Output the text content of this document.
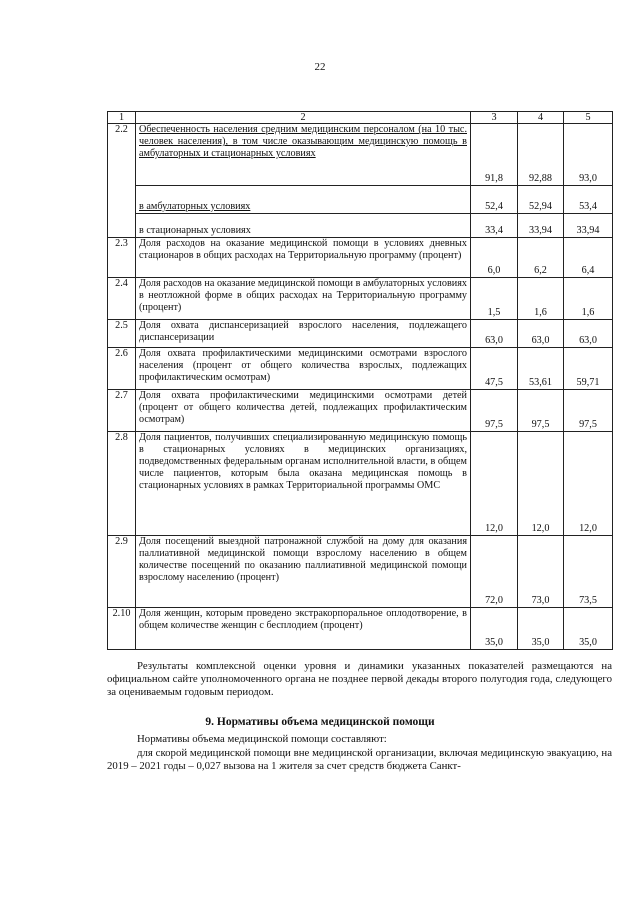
22
1	2	3	4	5
2.2	Обеспеченность населения средним медицинским персоналом (на 10 тыс. человек населения), в том числе оказывающим медицинскую помощь в амбулаторных и стационарных условиях	91,8	92,88	93,0
	в амбулаторных условиях	52,4	52,94	53,4
	в стационарных условиях	33,4	33,94	33,94
2.3	Доля расходов на оказание медицинской помощи в условиях дневных стационаров в общих расходах на Территориальную программу (процент)	6,0	6,2	6,4
2.4	Доля расходов на оказание медицинской помощи в амбулаторных условиях в неотложной форме в общих расходах на Территориальную программу (процент)	1,5	1,6	1,6
2.5	Доля охвата диспансеризацией взрослого населения, подлежащего диспансеризации	63,0	63,0	63,0
2.6	Доля охвата профилактическими медицинскими осмотрами взрослого населения (процент от общего количества взрослых, подлежащих профилактическим осмотрам)	47,5	53,61	59,71
2.7	Доля охвата профилактическими медицинскими осмотрами детей (процент от общего количества детей, подлежащих профилактическим осмотрам)	97,5	97,5	97,5
2.8	Доля пациентов, получивших специализированную медицинскую помощь в стационарных условиях в медицинских организациях, подведомственных федеральным органам исполнительной власти, в общем числе пациентов, которым была оказана медицинская помощь в стационарных условиях в рамках Территориальной программы ОМС	12,0	12,0	12,0
2.9	Доля посещений выездной патронажной службой на дому для оказания паллиативной медицинской помощи взрослому населению в общем количестве посещений по оказанию паллиативной медицинской помощи взрослому населению (процент)	72,0	73,0	73,5
2.10	Доля женщин, которым проведено экстракорпоральное оплодотворение, в общем количестве женщин с бесплодием (процент)	35,0	35,0	35,0
Результаты комплексной оценки уровня и динамики указанных показателей размещаются на официальном сайте уполномоченного органа не позднее первой декады второго полугодия года, следующего за оцениваемым годовым периодом.
9. Нормативы объема медицинской помощи
Нормативы объема медицинской помощи составляют:
для скорой медицинской помощи вне медицинской организации, включая медицинскую эвакуацию, на 2019 – 2021 годы – 0,027 вызова на 1 жителя за счет средств бюджета Санкт-
